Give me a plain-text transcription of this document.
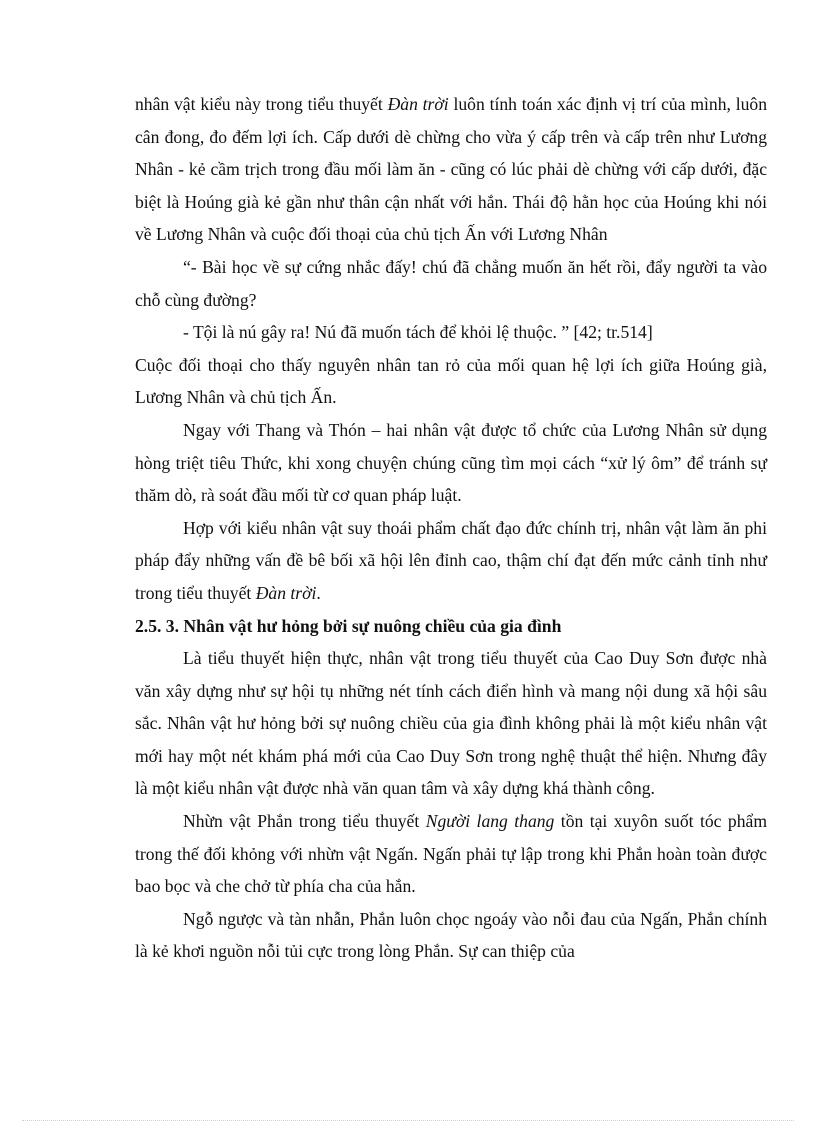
nhân vật kiểu này trong tiểu thuyết Đàn trời luôn tính toán xác định vị trí của mình, luôn cân đong, đo đếm lợi ích. Cấp dưới dè chừng cho vừa ý cấp trên và cấp trên như Lương Nhân - kẻ cầm trịch trong đầu mối làm ăn - cũng có lúc phải dè chừng với cấp dưới, đặc biệt là Hoúng già kẻ gần như thân cận nhất với hắn. Thái độ hằn học của Hoúng khi nói về Lương Nhân và cuộc đối thoại của chủ tịch Ấn với Lương Nhân

“- Bài học về sự cứng nhắc đấy! chú đã chẳng muốn ăn hết rồi, đẩy người ta vào chỗ cùng đường?

- Tội là nú gây ra! Nú đã muốn tách để khỏi lệ thuộc. ” [42; tr.514]

Cuộc đối thoại cho thấy nguyên nhân tan rỏ của mối quan hệ lợi ích giữa Hoúng già, Lương Nhân và chủ tịch Ấn.

Ngay với Thang và Thón – hai nhân vật được tổ chức của Lương Nhân sử dụng hòng triệt tiêu Thức, khi xong chuyện chúng cũng tìm mọi cách “xử lý ôm” để tránh sự thăm dò, rà soát đầu mối từ cơ quan pháp luật.

Hợp với kiểu nhân vật suy thoái phẩm chất đạo đức chính trị, nhân vật làm ăn phi pháp đẩy những vấn đề bê bối xã hội lên đỉnh cao, thậm chí đạt đến mức cảnh tỉnh như trong tiểu thuyết Đàn trời.

2.5. 3. Nhân vật hư hỏng bởi sự nuông chiều của gia đình

Là tiểu thuyết hiện thực, nhân vật trong tiểu thuyết của Cao Duy Sơn được nhà văn xây dựng như sự hội tụ những nét tính cách điển hình và mang nội dung xã hội sâu sắc. Nhân vật hư hỏng bởi sự nuông chiều của gia đình không phải là một kiểu nhân vật mới hay một nét khám phá mới của Cao Duy Sơn trong nghệ thuật thể hiện. Nhưng đây là một kiểu nhân vật được nhà văn quan tâm và xây dựng khá thành công.

Nhừn vật Phắn trong tiểu thuyết Người lang thang tồn tại xuyôn suốt tóc phẩm trong thế đối khỏng với nhừn vật Ngấn. Ngấn phải tự lập trong khi Phắn hoàn toàn được bao bọc và che chở từ phía cha của hắn.

Ngỗ ngược và tàn nhẫn, Phắn luôn chọc ngoáy vào nỗi đau của Ngấn, Phắn chính là kẻ khơi nguồn nỗi tủi cực trong lòng Phắn. Sự can thiệp của
